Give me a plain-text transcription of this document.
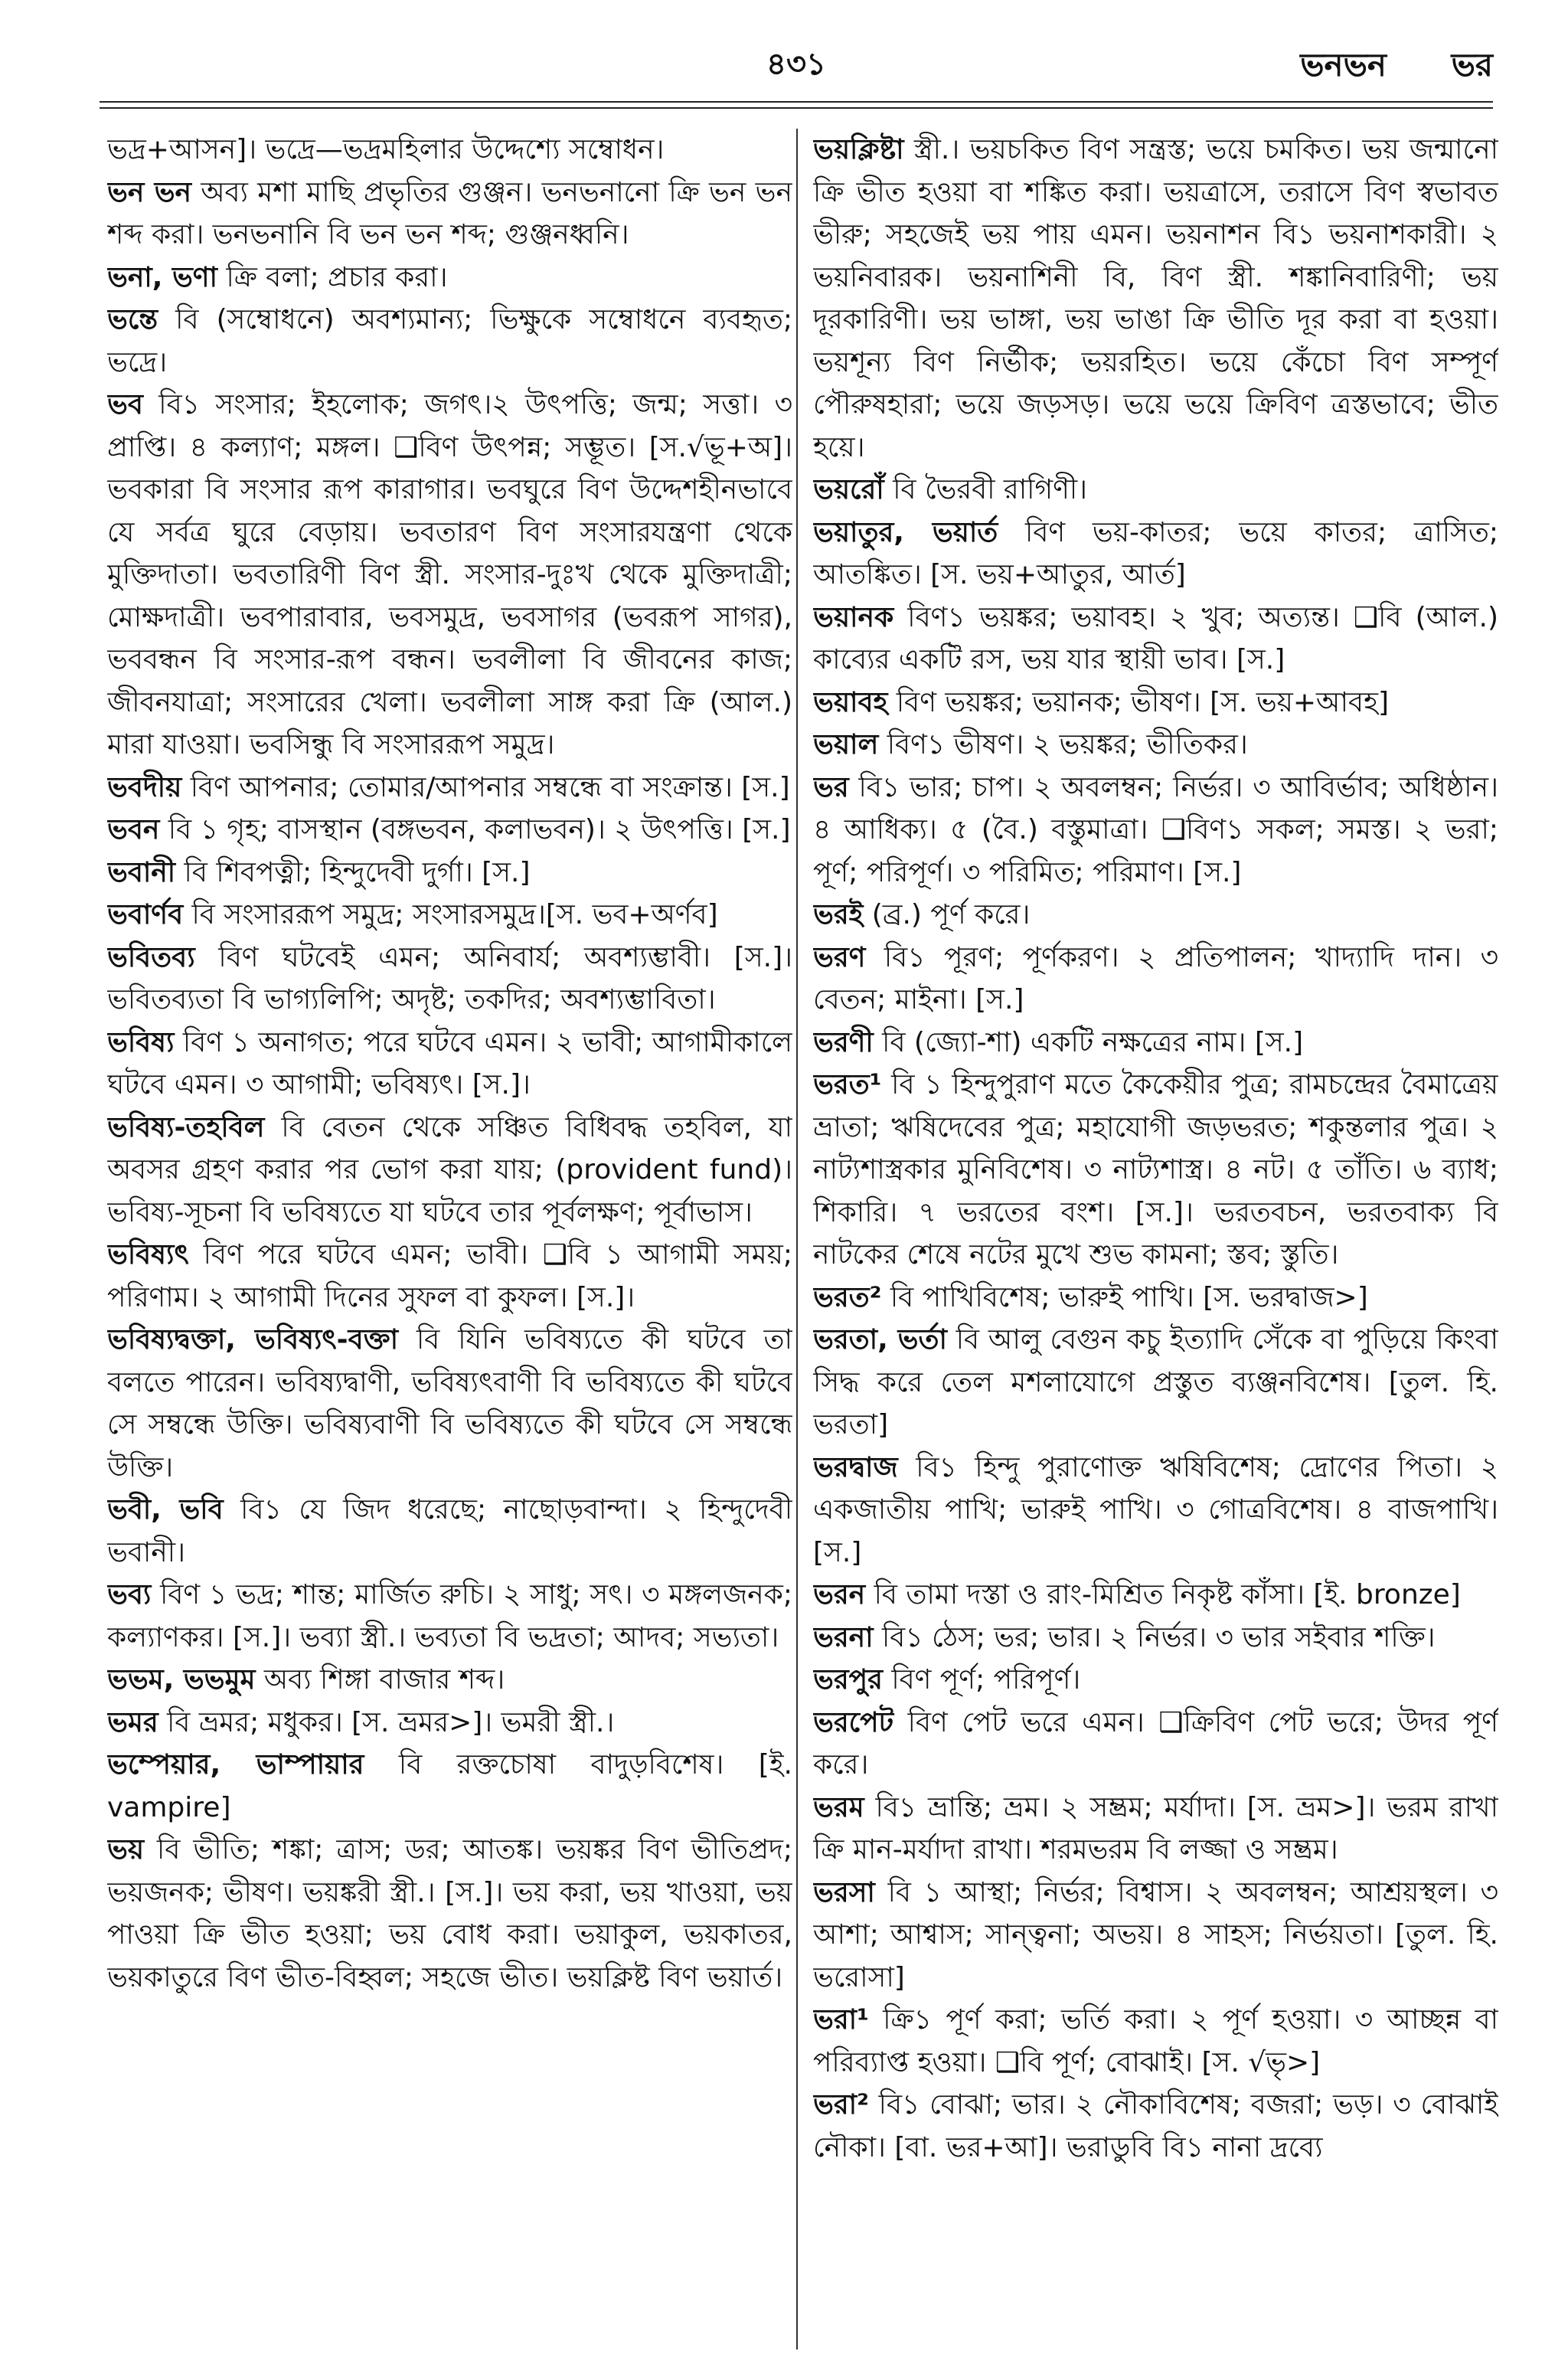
৪৩১	ভনভন ভর

ভদ্র+আসন]। ভদ্রে—ভদ্রমহিলার উদ্দেশ্যে সম্বোধন।

ভন ভন অব্য মশা মাছি প্রভৃতির গুঞ্জন। ভনভনানো ক্রি ভন ভন শব্দ করা। ভনভনানি বি ভন ভন শব্দ; গুঞ্জনধ্বনি।

ভনা, ভণা ক্রি বলা; প্রচার করা।

ভন্তে বি (সম্বোধনে) অবশ্যমান্য; ভিক্ষুকে সম্বোধনে ব্যবহৃত; ভদ্রে।

ভব বি১ সংসার; ইহলোক; জগৎ।২ উৎপত্তি; জন্ম; সত্তা। ৩ প্রাপ্তি। ৪ কল্যাণ; মঙ্গল। ❑বিণ উৎপন্ন; সম্ভূত। [স.√ভূ+অ]। ভবকারা বি সংসার রূপ কারাগার। ভবঘুরে বিণ উদ্দেশহীনভাবে যে সর্বত্র ঘুরে বেড়ায়। ভবতারণ বিণ সংসারযন্ত্রণা থেকে মুক্তিদাতা। ভবতারিণী বিণ স্ত্রী. সংসার-দুঃখ থেকে মুক্তিদাত্রী; মোক্ষদাত্রী। ভবপারাবার, ভবসমুদ্র, ভবসাগর (ভবরূপ সাগর), ভববন্ধন বি সংসার-রূপ বন্ধন। ভবলীলা বি জীবনের কাজ; জীবনযাত্রা; সংসারের খেলা। ভবলীলা সাঙ্গ করা ক্রি (আল.) মারা যাওয়া। ভবসিন্ধু বি সংসাররূপ সমুদ্র।

ভবদীয় বিণ আপনার; তোমার/আপনার সম্বন্ধে বা সংক্রান্ত। [স.]

ভবন বি ১ গৃহ; বাসস্থান (বঙ্গভবন, কলাভবন)। ২ উৎপত্তি। [স.]

ভবানী বি শিবপত্নী; হিন্দুদেবী দুর্গা। [স.]

ভবার্ণব বি সংসাররূপ সমুদ্র; সংসারসমুদ্র।[স. ভব+অর্ণব]

ভবিতব্য বিণ ঘটবেই এমন; অনিবার্য; অবশ্যম্ভাবী। [স.]। ভবিতব্যতা বি ভাগ্যলিপি; অদৃষ্ট; তকদির; অবশ্যম্ভাবিতা।

ভবিষ্য বিণ ১ অনাগত; পরে ঘটবে এমন। ২ ভাবী; আগামীকালে ঘটবে এমন। ৩ আগামী; ভবিষ্যৎ। [স.]।

ভবিষ্য-তহবিল বি বেতন থেকে সঞ্চিত বিধিবদ্ধ তহবিল, যা অবসর গ্রহণ করার পর ভোগ করা যায়; (provident fund)। ভবিষ্য-সূচনা বি ভবিষ্যতে যা ঘটবে তার পূর্বলক্ষণ; পূর্বাভাস।

ভবিষ্যৎ বিণ পরে ঘটবে এমন; ভাবী। ❑বি ১ আগামী সময়; পরিণাম। ২ আগামী দিনের সুফল বা কুফল। [স.]।

ভবিষ্যদ্বক্তা, ভবিষ্যৎ-বক্তা বি যিনি ভবিষ্যতে কী ঘটবে তা বলতে পারেন। ভবিষ্যদ্বাণী, ভবিষ্যৎবাণী বি ভবিষ্যতে কী ঘটবে সে সম্বন্ধে উক্তি। ভবিষ্যবাণী বি ভবিষ্যতে কী ঘটবে সে সম্বন্ধে উক্তি।

ভবী, ভবি বি১ যে জিদ ধরেছে; নাছোড়বান্দা। ২ হিন্দুদেবী ভবানী।

ভব্য বিণ ১ ভদ্র; শান্ত; মার্জিত রুচি। ২ সাধু; সৎ। ৩ মঙ্গলজনক; কল্যাণকর। [স.]। ভব্যা স্ত্রী.। ভব্যতা বি ভদ্রতা; আদব; সভ্যতা।

ভভম, ভভমুম অব্য শিঙ্গা বাজার শব্দ।

ভমর বি ভ্রমর; মধুকর। [স. ভ্রমর>]। ভমরী স্ত্রী.।

ভম্পেয়ার, ভাম্পায়ার বি রক্তচোষা বাদুড়বিশেষ। [ই. vampire]

ভয় বি ভীতি; শঙ্কা; ত্রাস; ডর; আতঙ্ক। ভয়ঙ্কর বিণ ভীতিপ্রদ; ভয়জনক; ভীষণ। ভয়ঙ্করী স্ত্রী.। [স.]। ভয় করা, ভয় খাওয়া, ভয় পাওয়া ক্রি ভীত হওয়া; ভয় বোধ করা। ভয়াকুল, ভয়কাতর, ভয়কাতুরে বিণ ভীত-বিহ্বল; সহজে ভীত। ভয়ক্লিষ্ট বিণ ভয়ার্ত।

ভয়ক্লিষ্টা স্ত্রী.। ভয়চকিত বিণ সন্ত্রস্ত; ভয়ে চমকিত। ভয় জন্মানো ক্রি ভীত হওয়া বা শঙ্কিত করা। ভয়ত্রাসে, তরাসে বিণ স্বভাবত ভীরু; সহজেই ভয় পায় এমন। ভয়নাশন বি১ ভয়নাশকারী। ২ ভয়নিবারক। ভয়নাশিনী বি, বিণ স্ত্রী. শঙ্কানিবারিণী; ভয় দূরকারিণী। ভয় ভাঙ্গা, ভয় ভাঙা ক্রি ভীতি দূর করা বা হওয়া। ভয়শূন্য বিণ নির্ভীক; ভয়রহিত। ভয়ে কেঁচো বিণ সম্পূর্ণ পৌরুষহারা; ভয়ে জড়সড়। ভয়ে ভয়ে ক্রিবিণ ত্রস্তভাবে; ভীত হয়ে।

ভয়রোঁ বি ভৈরবী রাগিণী।

ভয়াতুর, ভয়ার্ত বিণ ভয়-কাতর; ভয়ে কাতর; ত্রাসিত; আতঙ্কিত। [স. ভয়+আতুর, আর্ত]

ভয়ানক বিণ১ ভয়ঙ্কর; ভয়াবহ। ২ খুব; অত্যন্ত। ❑বি (আল.) কাব্যের একটি রস, ভয় যার স্থায়ী ভাব। [স.]

ভয়াবহ বিণ ভয়ঙ্কর; ভয়ানক; ভীষণ। [স. ভয়+আবহ]

ভয়াল বিণ১ ভীষণ। ২ ভয়ঙ্কর; ভীতিকর।

ভর বি১ ভার; চাপ। ২ অবলম্বন; নির্ভর। ৩ আবির্ভাব; অধিষ্ঠান। ৪ আধিক্য। ৫ (বৈ.) বস্তুমাত্রা। ❑বিণ১ সকল; সমস্ত। ২ ভরা; পূর্ণ; পরিপূর্ণ। ৩ পরিমিত; পরিমাণ। [স.]

ভরই (ব্র.) পূর্ণ করে।

ভরণ বি১ পূরণ; পূর্ণকরণ। ২ প্রতিপালন; খাদ্যাদি দান। ৩ বেতন; মাইনা। [স.]

ভরণী বি (জ্যো-শা) একটি নক্ষত্রের নাম। [স.]

ভরত¹ বি ১ হিন্দুপুরাণ মতে কৈকেয়ীর পুত্র; রামচন্দ্রের বৈমাত্রেয় ভ্রাতা; ঋষিদেবের পুত্র; মহাযোগী জড়ভরত; শকুন্তলার পুত্র। ২ নাট্যশাস্ত্রকার মুনিবিশেষ। ৩ নাট্যশাস্ত্র। ৪ নট। ৫ তাঁতি। ৬ ব্যাধ; শিকারি। ৭ ভরতের বংশ। [স.]। ভরতবচন, ভরতবাক্য বি নাটকের শেষে নটের মুখে শুভ কামনা; স্তব; স্তুতি।

ভরত² বি পাখিবিশেষ; ভারুই পাখি। [স. ভরদ্বাজ>]

ভরতা, ভর্তা বি আলু বেগুন কচু ইত্যাদি সেঁকে বা পুড়িয়ে কিংবা সিদ্ধ করে তেল মশলাযোগে প্রস্তুত ব্যঞ্জনবিশেষ। [তুল. হি. ভরতা]

ভরদ্বাজ বি১ হিন্দু পুরাণোক্ত ঋষিবিশেষ; দ্রোণের পিতা। ২ একজাতীয় পাখি; ভারুই পাখি। ৩ গোত্রবিশেষ। ৪ বাজপাখি। [স.]

ভরন বি তামা দস্তা ও রাং-মিশ্রিত নিকৃষ্ট কাঁসা। [ই. bronze]

ভরনা বি১ ঠেস; ভর; ভার। ২ নির্ভর। ৩ ভার সইবার শক্তি।

ভরপুর বিণ পূর্ণ; পরিপূর্ণ।

ভরপেট বিণ পেট ভরে এমন। ❑ক্রিবিণ পেট ভরে; উদর পূর্ণ করে।

ভরম বি১ ভ্রান্তি; ভ্রম। ২ সম্ভ্রম; মর্যাদা। [স. ভ্রম>]। ভরম রাখা ক্রি মান-মর্যাদা রাখা। শরমভরম বি লজ্জা ও সম্ভ্রম।

ভরসা বি ১ আস্থা; নির্ভর; বিশ্বাস। ২ অবলম্বন; আশ্রয়স্থল। ৩ আশা; আশ্বাস; সান্ত্বনা; অভয়। ৪ সাহস; নির্ভয়তা। [তুল. হি. ভরোসা]

ভরা¹ ক্রি১ পূর্ণ করা; ভর্তি করা। ২ পূর্ণ হওয়া। ৩ আচ্ছন্ন বা পরিব্যাপ্ত হওয়া। ❑বি পূর্ণ; বোঝাই। [স. √ভৃ>]

ভরা² বি১ বোঝা; ভার। ২ নৌকাবিশেষ; বজরা; ভড়। ৩ বোঝাই নৌকা। [বা. ভর+আ]। ভরাডুবি বি১ নানা দ্রব্যে
